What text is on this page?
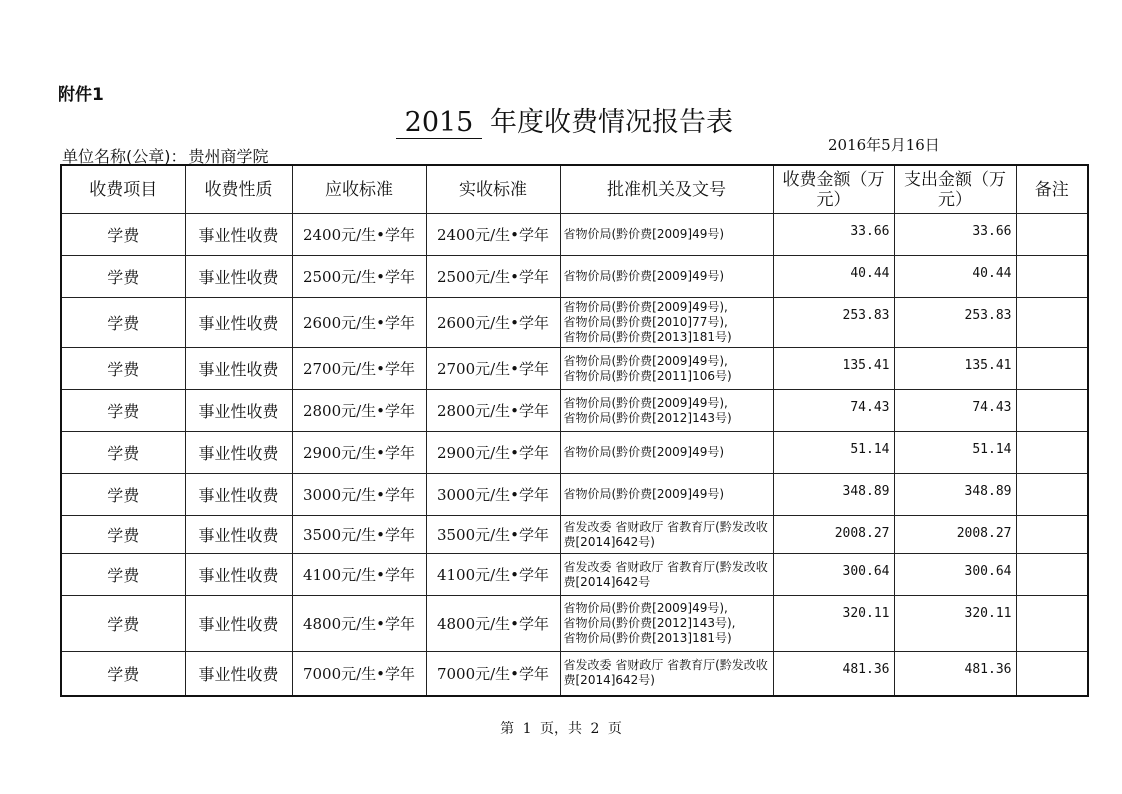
附件1
2015 年度收费情况报告表
2016年5月16日
单位名称(公章)： 贵州商学院
收费项目	收费性质	应收标准	实收标准	批准机关及文号	收费金额（万元）	支出金额（万元）	备注
学费	事业性收费	2400元/生•学年	2400元/生•学年	省物价局(黔价费[2009]49号)	33.66	33.66	
学费	事业性收费	2500元/生•学年	2500元/生•学年	省物价局(黔价费[2009]49号)	40.44	40.44	
学费	事业性收费	2600元/生•学年	2600元/生•学年	省物价局(黔价费[2009]49号),
省物价局(黔价费[2010]77号),
省物价局(黔价费[2013]181号)	253.83	253.83	
学费	事业性收费	2700元/生•学年	2700元/生•学年	省物价局(黔价费[2009]49号),
省物价局(黔价费[2011]106号)	135.41	135.41	
学费	事业性收费	2800元/生•学年	2800元/生•学年	省物价局(黔价费[2009]49号),
省物价局(黔价费[2012]143号)	74.43	74.43	
学费	事业性收费	2900元/生•学年	2900元/生•学年	省物价局(黔价费[2009]49号)	51.14	51.14	
学费	事业性收费	3000元/生•学年	3000元/生•学年	省物价局(黔价费[2009]49号)	348.89	348.89	
学费	事业性收费	3500元/生•学年	3500元/生•学年	省发改委 省财政厅 省教育厅(黔发改收费[2014]642号)	2008.27	2008.27	
学费	事业性收费	4100元/生•学年	4100元/生•学年	省发改委 省财政厅 省教育厅(黔发改收费[2014]642号	300.64	300.64	
学费	事业性收费	4800元/生•学年	4800元/生•学年	省物价局(黔价费[2009]49号),
省物价局(黔价费[2012]143号),
省物价局(黔价费[2013]181号)	320.11	320.11	
学费	事业性收费	7000元/生•学年	7000元/生•学年	省发改委 省财政厅 省教育厅(黔发改收费[2014]642号)	481.36	481.36	
第 1 页，共 2 页
